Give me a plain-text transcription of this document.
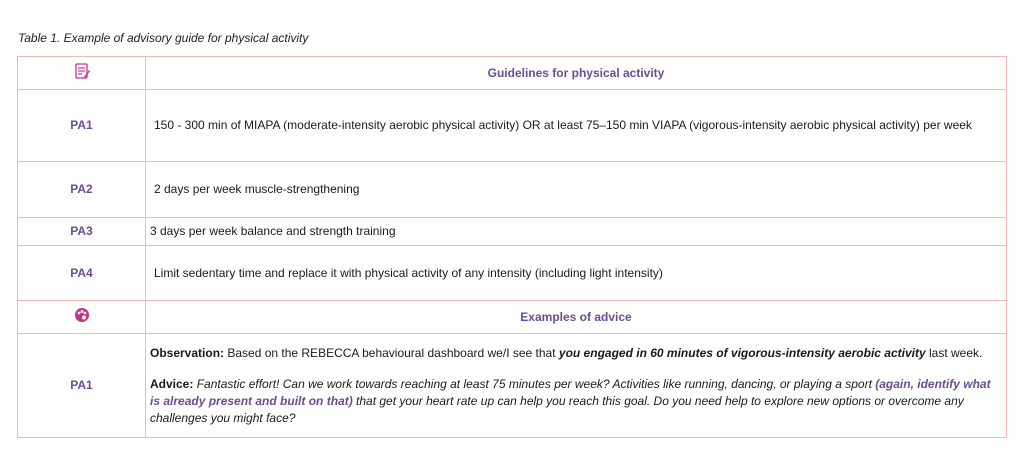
Table 1. Example of advisory guide for physical activity
	Guidelines for physical activity
PA1	150 - 300 min of MIAPA (moderate-intensity aerobic physical activity) OR at least 75–150 min VIAPA (vigorous-intensity aerobic physical activity) per week
PA2	2 days per week muscle-strengthening
PA3	3 days per week balance and strength training
PA4	Limit sedentary time and replace it with physical activity of any intensity (including light intensity)
	Examples of advice
PA1	Observation: Based on the REBECCA behavioural dashboard we/I see that you engaged in 60 minutes of vigorous-intensity aerobic activity last week.
Advice: Fantastic effort! Can we work towards reaching at least 75 minutes per week? Activities like running, dancing, or playing a sport (again, identify what is already present and built on that) that get your heart rate up can help you reach this goal. Do you need help to explore new options or overcome any challenges you might face?
